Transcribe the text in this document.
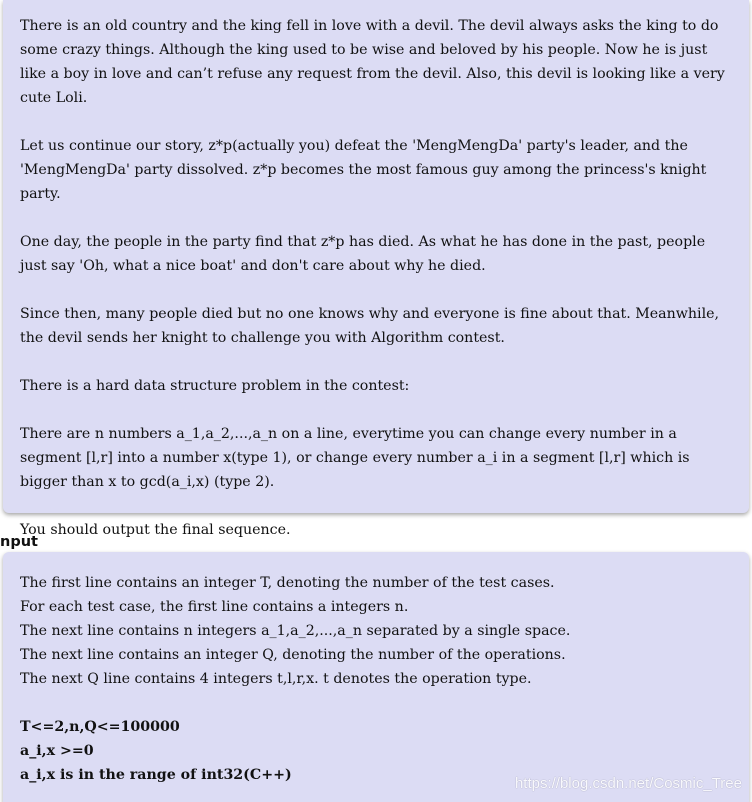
There is an old country and the king fell in love with a devil. The devil always asks the king to do some crazy things. Although the king used to be wise and beloved by his people. Now he is just like a boy in love and can’t refuse any request from the devil. Also, this devil is looking like a very cute Loli.

Let us continue our story, z*p(actually you) defeat the 'MengMengDa' party's leader, and the 'MengMengDa' party dissolved. z*p becomes the most famous guy among the princess's knight party.

One day, the people in the party find that z*p has died. As what he has done in the past, people just say 'Oh, what a nice boat' and don't care about why he died.

Since then, many people died but no one knows why and everyone is fine about that. Meanwhile, the devil sends her knight to challenge you with Algorithm contest.

There is a hard data structure problem in the contest:

There are n numbers a_1,a_2,...,a_n on a line, everytime you can change every number in a segment [l,r] into a number x(type 1), or change every number a_i in a segment [l,r] which is bigger than x to gcd(a_i,x) (type 2).

You should output the final sequence.

nput
The first line contains an integer T, denoting the number of the test cases.
For each test case, the first line contains a integers n.
The next line contains n integers a_1,a_2,...,a_n separated by a single space.
The next line contains an integer Q, denoting the number of the operations.
The next Q line contains 4 integers t,l,r,x. t denotes the operation type.
T<=2,n,Q<=100000
a_i,x >=0
a_i,x is in the range of int32(C++)	https://blog.csdn.net/Cosmic_Tree
